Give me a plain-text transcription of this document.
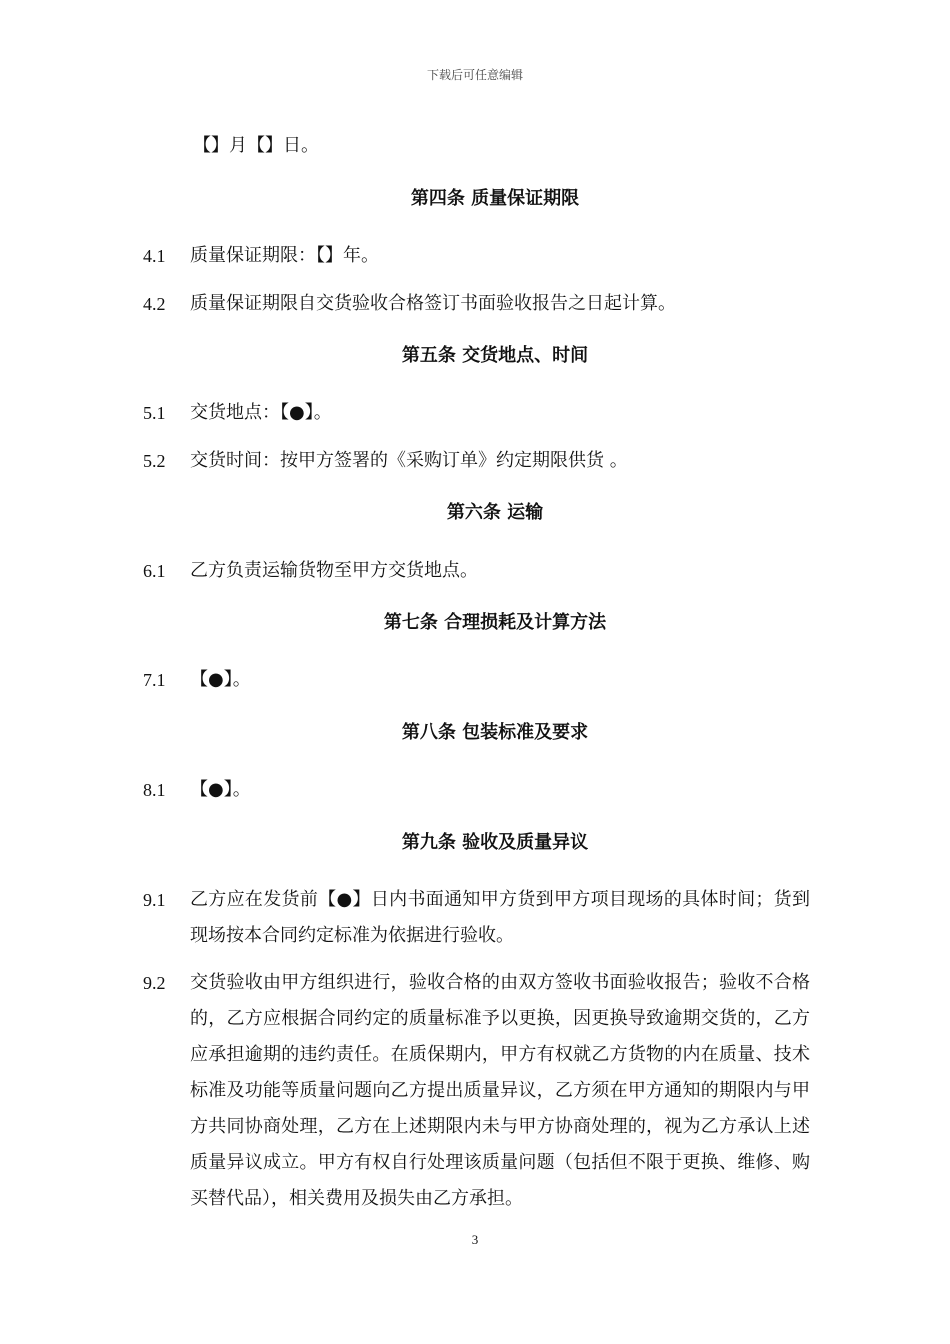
下载后可任意编辑
【】月【】日。
第四条 质量保证期限
4.1	质量保证期限：【】年。
4.2	质量保证期限自交货验收合格签订书面验收报告之日起计算。
第五条 交货地点、时间
5.1	交货地点：【●】。
5.2	交货时间：按甲方签署的《采购订单》约定期限供货 。
第六条 运输
6.1	乙方负责运输货物至甲方交货地点。
第七条 合理损耗及计算方法
7.1	【●】。
第八条 包装标准及要求
8.1	【●】。
第九条 验收及质量异议
9.1	乙方应在发货前【●】日内书面通知甲方货到甲方项目现场的具体时间；货到现场按本合同约定标准为依据进行验收。
9.2	交货验收由甲方组织进行，验收合格的由双方签收书面验收报告；验收不合格的，乙方应根据合同约定的质量标准予以更换，因更换导致逾期交货的，乙方应承担逾期的违约责任。在质保期内，甲方有权就乙方货物的内在质量、技术标准及功能等质量问题向乙方提出质量异议，乙方须在甲方通知的期限内与甲方共同协商处理，乙方在上述期限内未与甲方协商处理的，视为乙方承认上述质量异议成立。甲方有权自行处理该质量问题（包括但不限于更换、维修、购买替代品），相关费用及损失由乙方承担。
3
